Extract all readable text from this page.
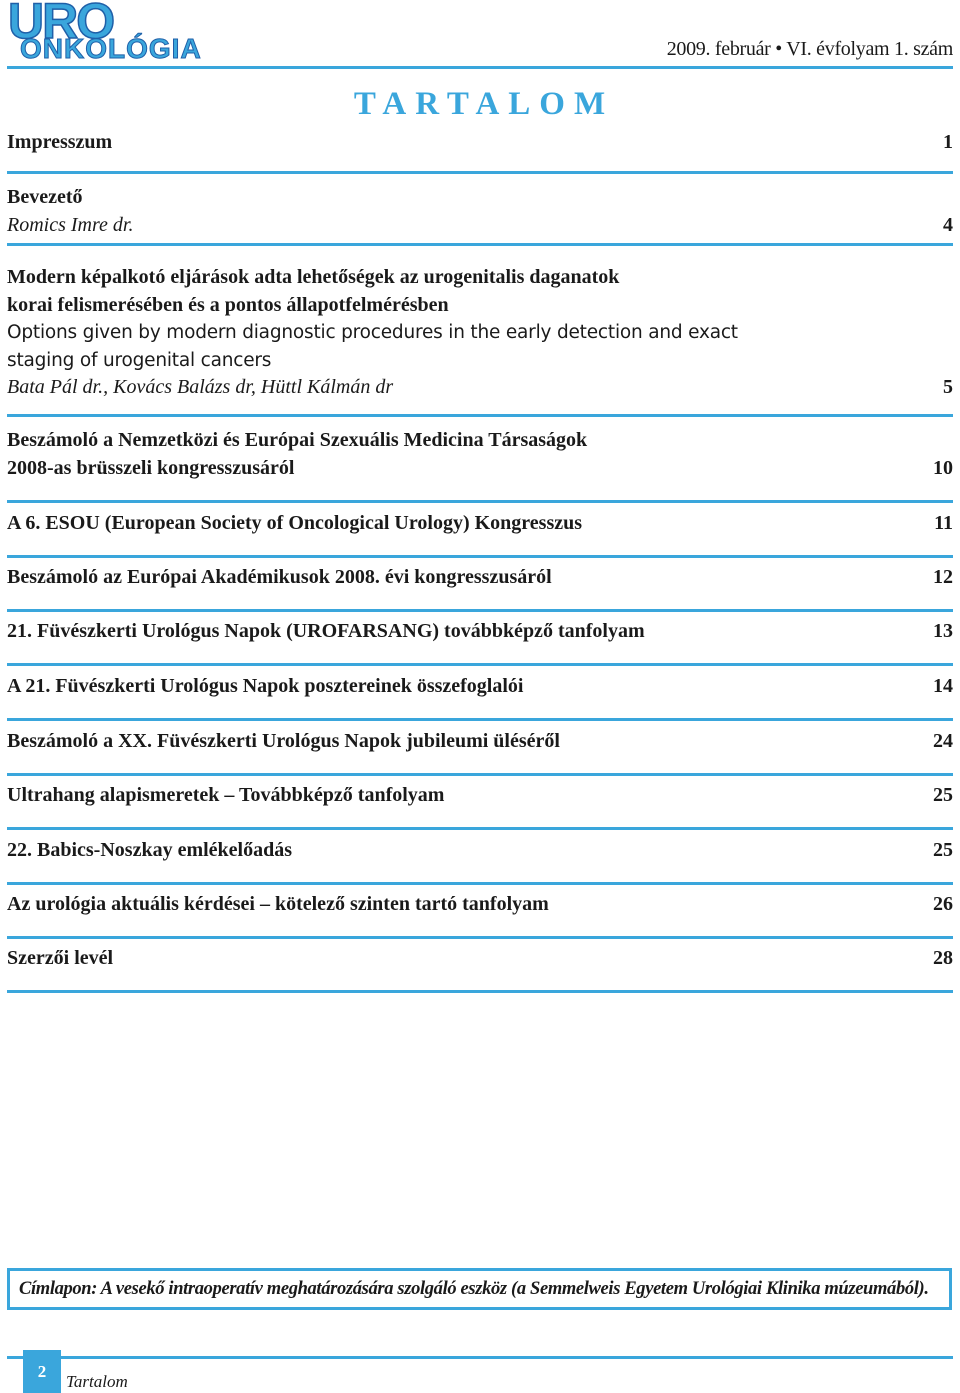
URO
ONKOLÓGIA	2009. február • VI. évfolyam 1. szám
TARTALOM
Impresszum	1
Bevezető
Romics Imre dr.	4
Modern képalkotó eljárások adta lehetőségek az urogenitalis daganatok
korai felismerésében és a pontos állapotfelmérésben
Options given by modern diagnostic procedures in the early detection and exact
staging of urogenital cancers
Bata Pál dr., Kovács Balázs dr, Hüttl Kálmán dr	5
Beszámoló a Nemzetközi és Európai Szexuális Medicina Társaságok
2008-as brüsszeli kongresszusáról	10
A 6. ESOU (European Society of Oncological Urology) Kongresszus	11
Beszámoló az Európai Akadémikusok 2008. évi kongresszusáról	12
21. Füvészkerti Urológus Napok (UROFARSANG) továbbképző tanfolyam	13
A 21. Füvészkerti Urológus Napok posztereinek összefoglalói	14
Beszámoló a XX. Füvészkerti Urológus Napok jubileumi üléséről	24
Ultrahang alapismeretek – Továbbképző tanfolyam	25
22. Babics-Noszkay emlékelőadás	25
Az urológia aktuális kérdései – kötelező szinten tartó tanfolyam	26
Szerzői levél	28
Címlapon: A vesekő intraoperatív meghatározására szolgáló eszköz (a Semmelweis Egyetem Urológiai Klinika múzeumából).
2
Tartalom
